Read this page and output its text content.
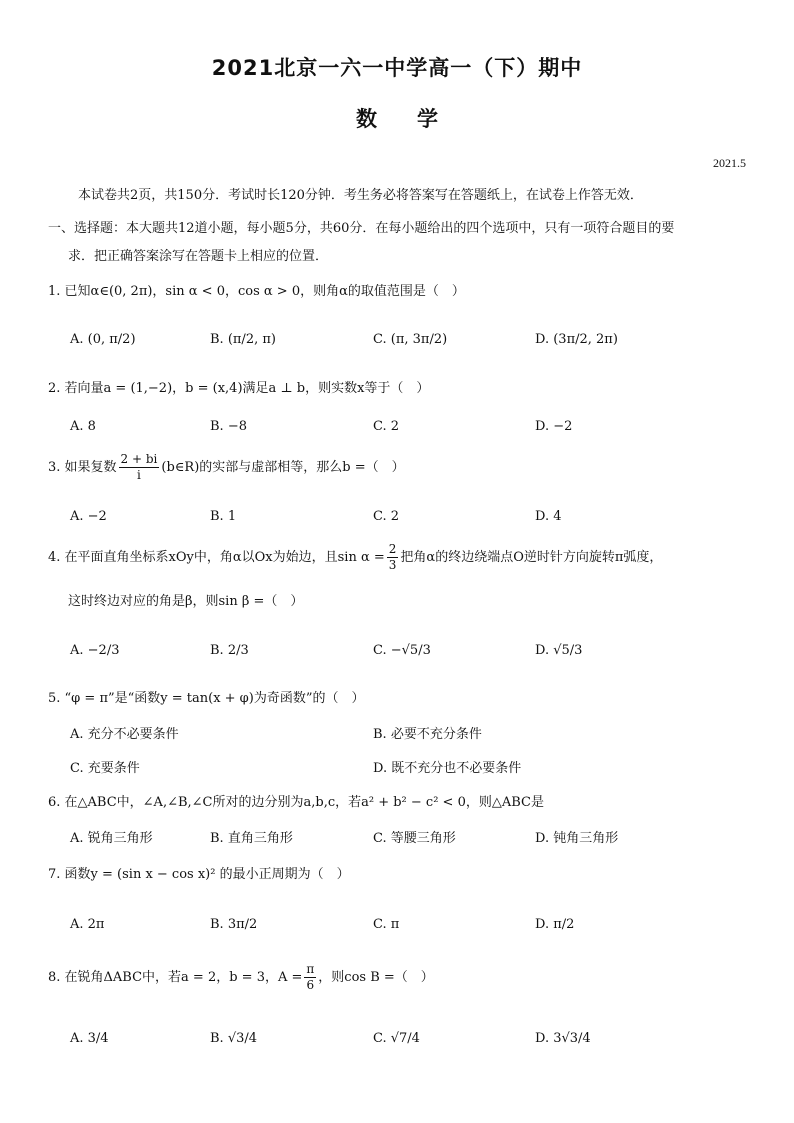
2021北京一六一中学高一（下）期中
数学
2021.5
本试卷共2页，共150分．考试时长120分钟．考生务必将答案写在答题纸上，在试卷上作答无效．
一、选择题：本大题共12道小题，每小题5分，共60分．在每小题给出的四个选项中，只有一项符合题目的要
求．把正确答案涂写在答题卡上相应的位置．
1. 已知α∈(0, 2π)，sin α < 0，cos α > 0，则角α的取值范围是（　）
A. (0, π/2)	B. (π/2, π)	C. (π, 3π/2)	D. (3π/2, 2π)
2. 若向量a = (1,−2)，b = (x,4)满足a ⊥ b，则实数x等于（　）
A. 8	B. −8	C. 2	D. −2
3. 如果复数 $\frac{2 + bi}{i}$ (b∈R)的实部与虚部相等，那么b =（　）
A. −2	B. 1	C. 2	D. 4
4. 在平面直角坐标系xOy中，角α以Ox为始边，且$\sin \alpha = \frac{2}{3}$ 把角α的终边绕端点O逆时针方向旋转π弧度，
这时终边对应的角是β，则sin β =（　）
A. −2/3	B. 2/3	C. −√5/3	D. √5/3
5. “φ = π”是“函数y = tan(x + φ)为奇函数”的（　）
A. 充分不必要条件	B. 必要不充分条件
C. 充要条件	D. 既不充分也不必要条件
6. 在△ABC中，∠A,∠B,∠C所对的边分别为a,b,c，若a² + b² − c² < 0，则△ABC是
A. 锐角三角形	B. 直角三角形	C. 等腰三角形	D. 钝角三角形
7. 函数y = (sin x − cos x)² 的最小正周期为（　）
A. 2π	B. 3π/2	C. π	D. π/2
8. 在锐角ΔABC中，若a = 2，b = 3，$A = \frac{\pi}{6}$ ，则cos B =（　）
A. 3/4	B. √3/4	C. √7/4	D. 3√3/4
